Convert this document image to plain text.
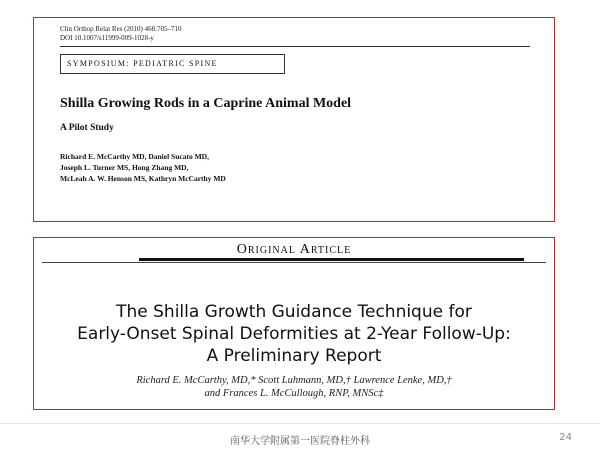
Clin Orthop Relat Res (2010) 468:705–710
DOI 10.1007/s11999-009-1028-y
SYMPOSIUM: PEDIATRIC SPINE
Shilla Growing Rods in a Caprine Animal Model
A Pilot Study
Richard E. McCarthy MD, Daniel Sucato MD,
Joseph L. Turner MS, Hong Zhang MD,
McLeah A. W. Henson MS, Kathryn McCarthy MD
Original Article
The Shilla Growth Guidance Technique for
Early-Onset Spinal Deformities at 2-Year Follow-Up:
A Preliminary Report
Richard E. McCarthy, MD,* Scott Luhmann, MD,† Lawrence Lenke, MD,†
and Frances L. McCullough, RNP, MNSc‡
南华大学附属第一医院脊柱外科	24
